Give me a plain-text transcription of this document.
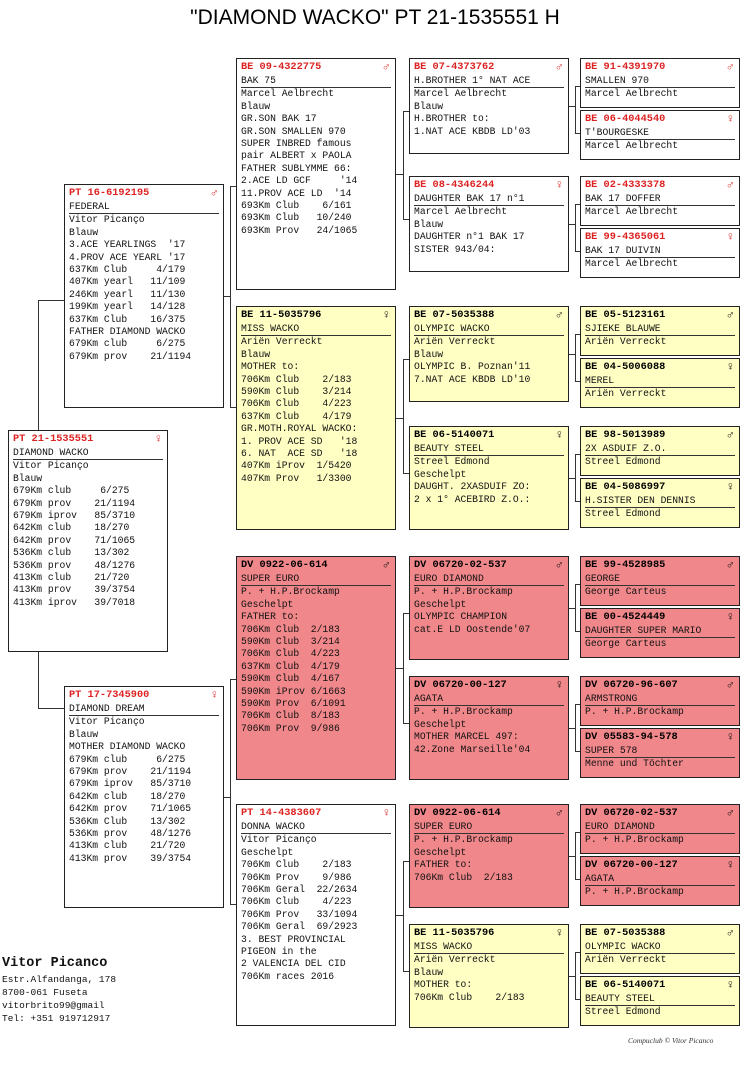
"DIAMOND WACKO" PT 21-1535551 H
PT 21-1535551	♀
DIAMOND WACKO
Vitor Picanço
Blauw
679Km club     6/275
679Km prov    21/1194
679Km iprov   85/3710
642Km club    18/270
642Km prov    71/1065
536Km club    13/302
536Km prov    48/1276
413Km club    21/720
413Km prov    39/3754
413Km iprov   39/7018
PT 16-6192195	♂
FEDERAL
Vitor Picanço
Blauw
3.ACE YEARLINGS  '17
4.PROV ACE YEARL '17
637Km Club     4/179
407Km yearl   11/109
246Km yearl   11/130
199Km yearl   14/128
637Km Club    16/375
FATHER DIAMOND WACKO
679Km club     6/275
679Km prov    21/1194
PT 17-7345900	♀
DIAMOND DREAM
Vitor Picanço
Blauw
MOTHER DIAMOND WACKO
679Km club     6/275
679Km prov    21/1194
679Km iprov   85/3710
642Km club    18/270
642Km prov    71/1065
536Km Club    13/302
536Km prov    48/1276
413Km club    21/720
413Km prov    39/3754
BE 09-4322775	♂
BAK 75
Marcel Aelbrecht
Blauw
GR.SON BAK 17
GR.SON SMALLEN 970
SUPER INBRED famous
pair ALBERT x PAOLA
FATHER SUBLYMME 66:
2.ACE LD GCF     '14
11.PROV ACE LD  '14
693Km Club    6/161
693Km Club   10/240
693Km Prov   24/1065
BE 11-5035796	♀
MISS WACKO
Ariën Verreckt
Blauw
MOTHER to:
706Km Club    2/183
590Km Club    3/214
706Km Club    4/223
637Km Club    4/179
GR.MOTH.ROYAL WACKO:
1. PROV ACE SD   '18
6. NAT  ACE SD   '18
407Km iProv  1/5420
407Km Prov   1/3300
DV 0922-06-614	♂
SUPER EURO
P. + H.P.Brockamp
Geschelpt
FATHER to:
706Km Club  2/183
590Km Club  3/214
706Km Club  4/223
637Km Club  4/179
590Km Club  4/167
590Km iProv 6/1663
590Km Prov  6/1091
706Km Club  8/183
706Km Prov  9/986
PT 14-4383607	♀
DONNA WACKO
Vitor Picanço
Geschelpt
706Km Club    2/183
706Km Prov    9/986
706Km Geral  22/2634
706Km Club    4/223
706Km Prov   33/1094
706Km Geral  69/2923
3. BEST PROVINCIAL
PIGEON in the
2 VALENCIA DEL CID
706Km races 2016
BE 07-4373762	♂
H.BROTHER 1° NAT ACE
Marcel Aelbrecht
Blauw
H.BROTHER to:
1.NAT ACE KBDB LD'03
BE 08-4346244	♀
DAUGHTER BAK 17 n°1
Marcel Aelbrecht
Blauw
DAUGHTER n°1 BAK 17
SISTER 943/04:
BE 07-5035388	♂
OLYMPIC WACKO
Ariën Verreckt
Blauw
OLYMPIC B. Poznan'11
7.NAT ACE KBDB LD'10
BE 06-5140071	♀
BEAUTY STEEL
Streel Edmond
Geschelpt
DAUGHT. 2XASDUIF ZO:
2 x 1° ACEBIRD Z.O.:
DV 06720-02-537	♂
EURO DIAMOND
P. + H.P.Brockamp
Geschelpt
OLYMPIC CHAMPION
cat.E LD Oostende'07
DV 06720-00-127	♀
AGATA
P. + H.P.Brockamp
Geschelpt
MOTHER MARCEL 497:
42.Zone Marseille'04
DV 0922-06-614	♂
SUPER EURO
P. + H.P.Brockamp
Geschelpt
FATHER to:
706Km Club  2/183
BE 11-5035796	♀
MISS WACKO
Ariën Verreckt
Blauw
MOTHER to:
706Km Club    2/183
BE 91-4391970	♂
SMALLEN 970
Marcel Aelbrecht
BE 06-4044540	♀
T'BOURGESKE
Marcel Aelbrecht
BE 02-4333378	♂
BAK 17 DOFFER
Marcel Aelbrecht
BE 99-4365061	♀
BAK 17 DUIVIN
Marcel Aelbrecht
BE 05-5123161	♂
SJIEKE BLAUWE
Ariën Verreckt
BE 04-5006088	♀
MEREL
Ariën Verreckt
BE 98-5013989	♂
2X ASDUIF Z.O.
Streel Edmond
BE 04-5086997	♀
H.SISTER DEN DENNIS
Streel Edmond
BE 99-4528985	♂
GEORGE
George Carteus
BE 00-4524449	♀
DAUGHTER SUPER MARIO
George Carteus
DV 06720-96-607	♂
ARMSTRONG
P. + H.P.Brockamp
DV 05583-94-578	♀
SUPER 578
Menne und Töchter
DV 06720-02-537	♂
EURO DIAMOND
P. + H.P.Brockamp
DV 06720-00-127	♀
AGATA
P. + H.P.Brockamp
BE 07-5035388	♂
OLYMPIC WACKO
Ariën Verreckt
BE 06-5140071	♀
BEAUTY STEEL
Streel Edmond
Vitor Picanco
Estr.Alfandanga, 178
8700-061 Fuseta
vitorbrito99@gmail
Tel: +351 919712917
Compuclub © Vitor Picanco
